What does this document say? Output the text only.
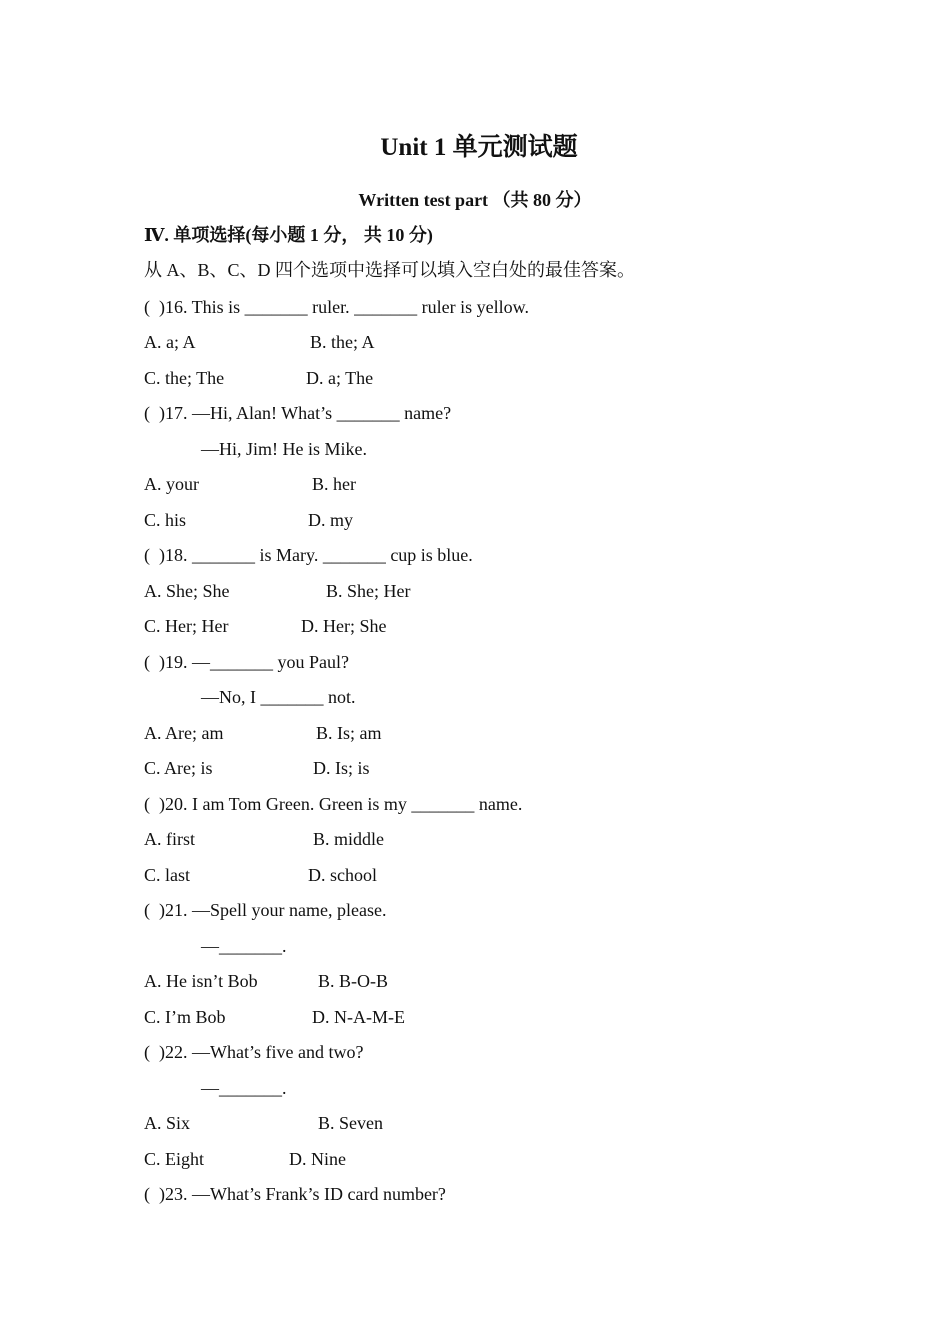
Unit 1 单元测试题
Written test part （共 80 分）
Ⅳ. 单项选择(每小题 1 分， 共 10 分)
从 A、B、C、D 四个选项中选择可以填入空白处的最佳答案。
(  )16. This is _______ ruler. _______ ruler is yellow.
A. a; A	B. the; A
C. the; The	D. a; The
(  )17. —Hi, Alan! What’s _______ name?
—Hi, Jim! He is Mike.
A. your	B. her
C. his	D. my
(  )18. _______ is Mary. _______ cup is blue.
A. She; She	B. She; Her
C. Her; Her	D. Her; She
(  )19. —_______ you Paul?
—No, I _______ not.
A. Are; am	B. Is; am
C. Are; is	D. Is; is
(  )20. I am Tom Green. Green is my _______ name.
A. first	B. middle
C. last	D. school
(  )21. —Spell your name, please.
—_______.
A. He isn’t Bob	B. B-O-B
C. I’m Bob	D. N-A-M-E
(  )22. —What’s five and two?
—_______.
A. Six	B. Seven
C. Eight	D. Nine
(  )23. —What’s Frank’s ID card number?
